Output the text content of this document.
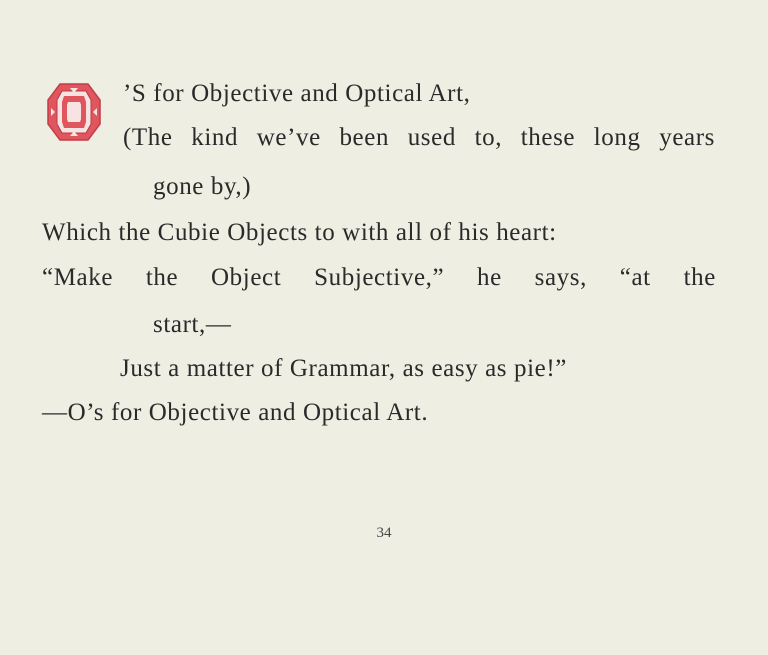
’S for Objective and Optical Art,
(The kind we’ve been used to, these long years
gone by,)
Which the Cubie Objects to with all of his heart:
“Make the Object Subjective,” he says, “at the
start,—
Just a matter of Grammar, as easy as pie!”
—O’s for Objective and Optical Art.
34
